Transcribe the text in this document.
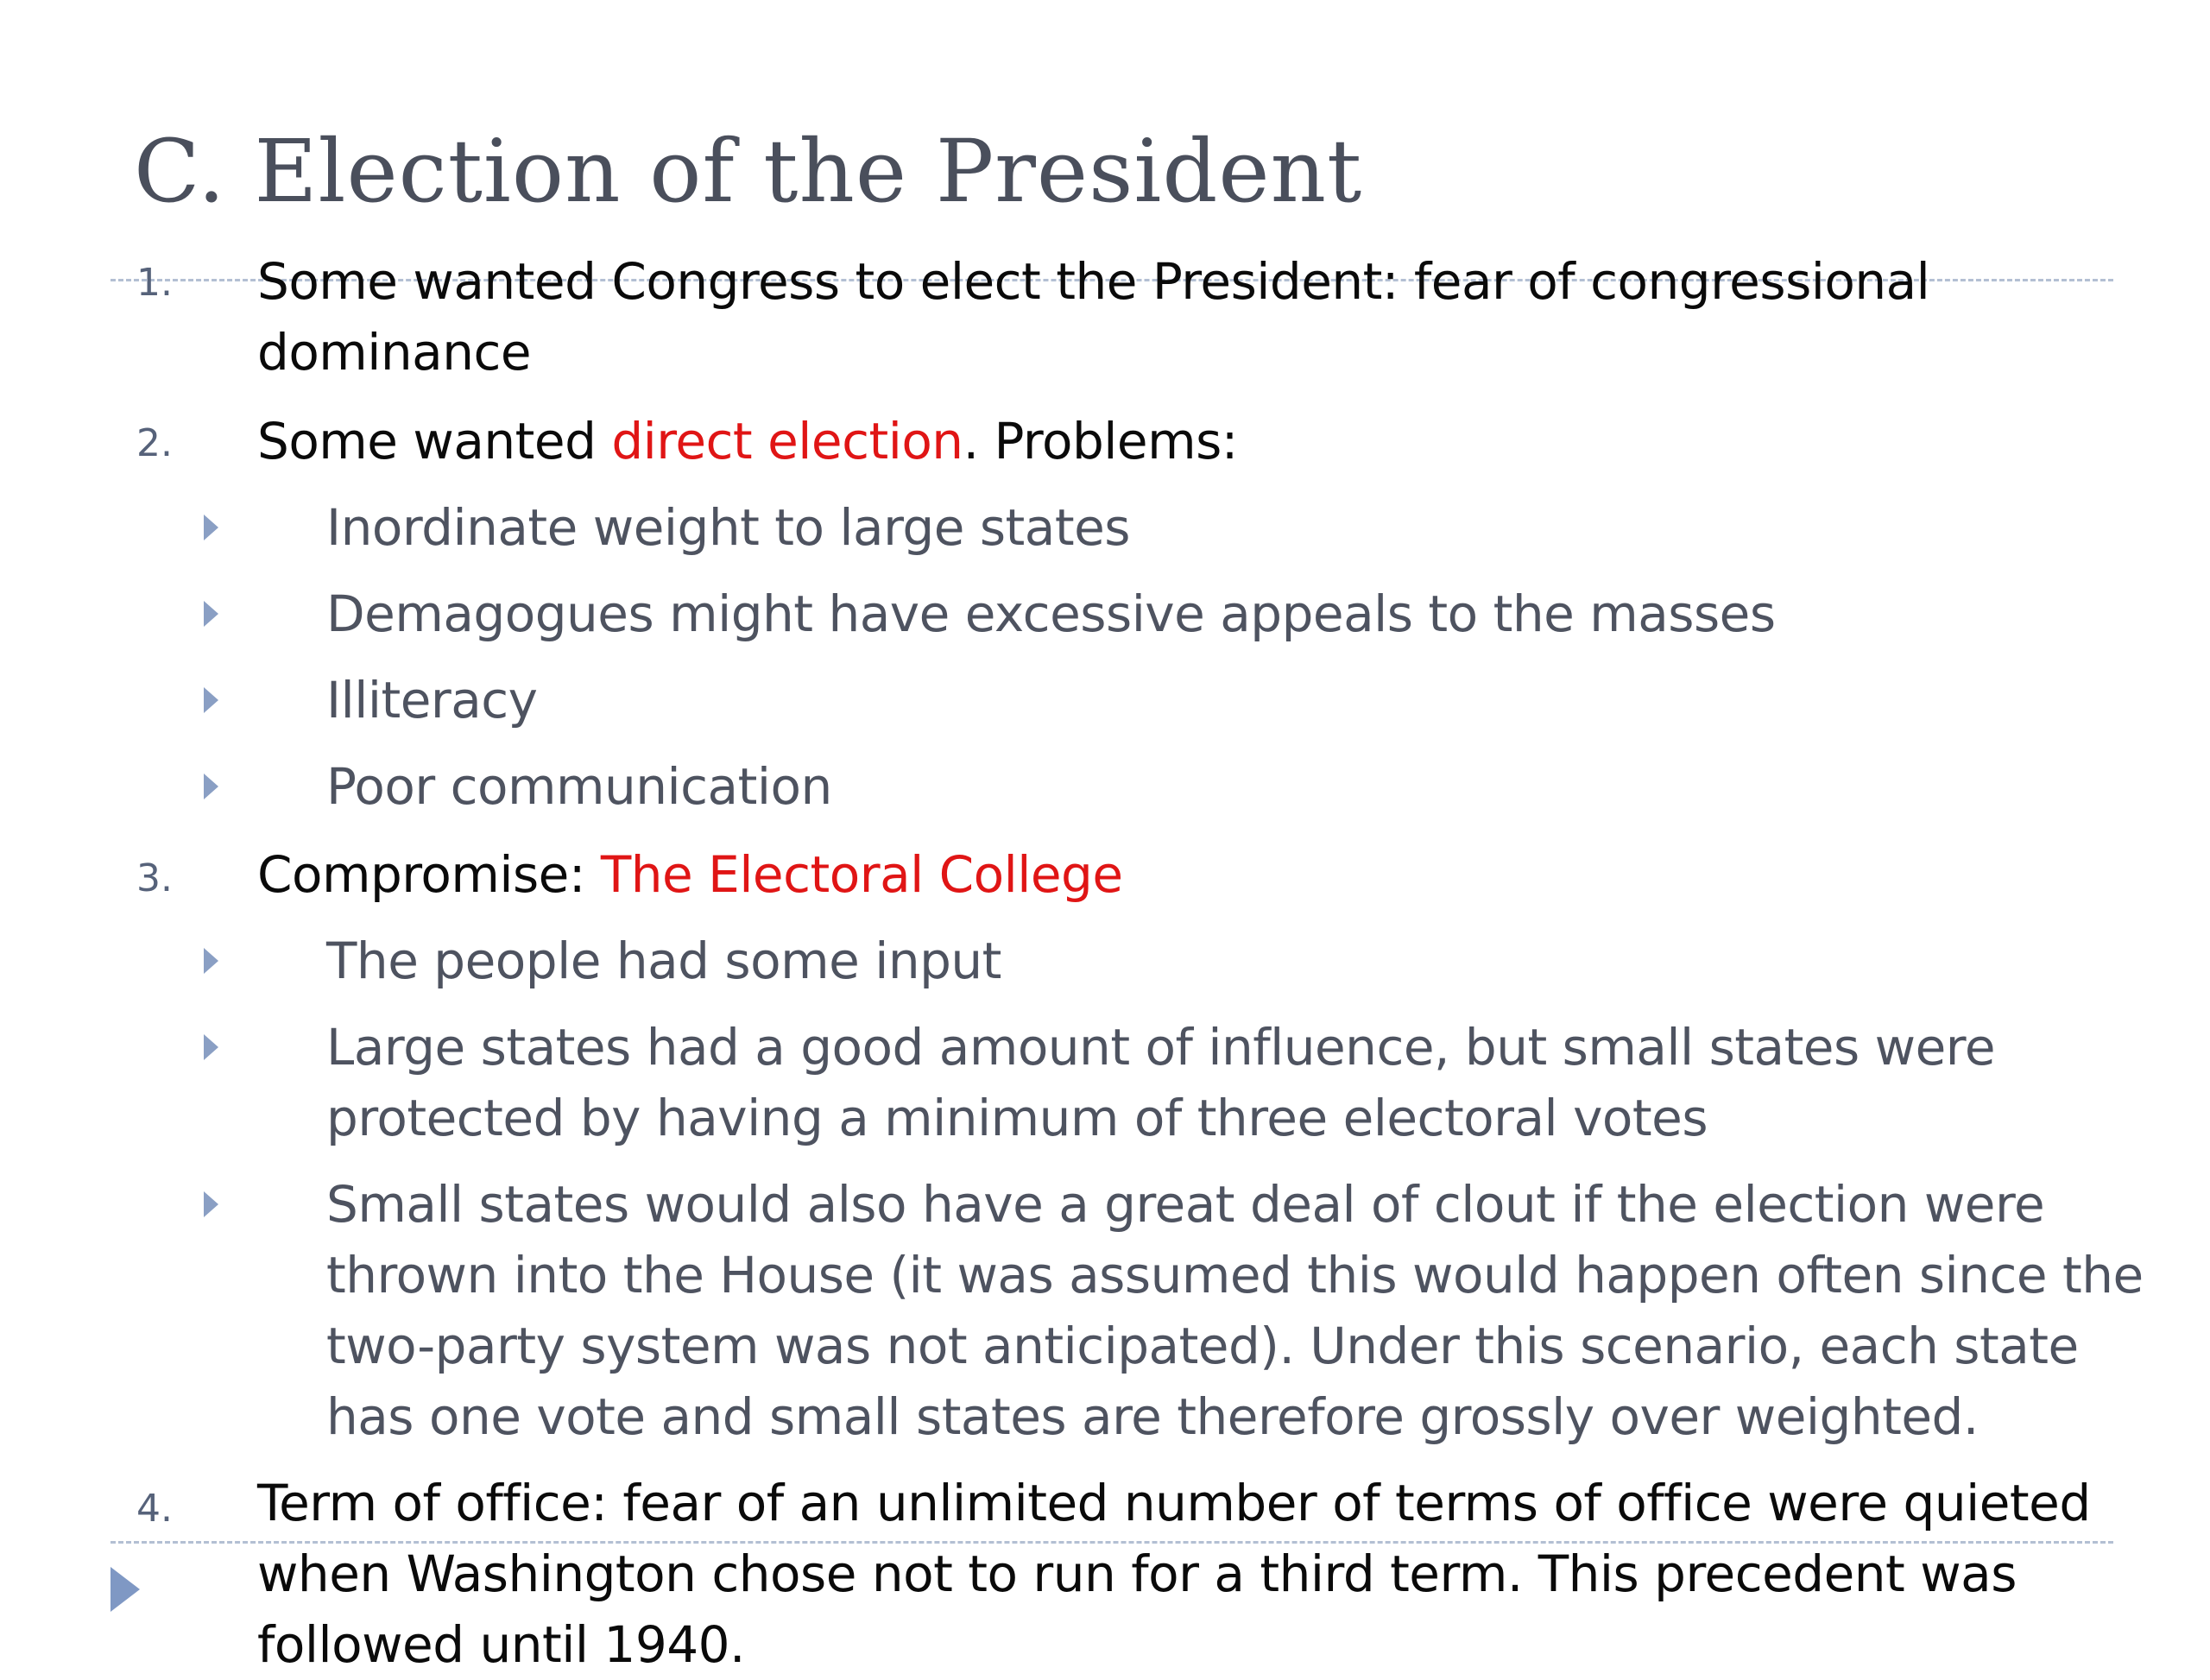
C. Election of the President
1. Some wanted Congress to elect the President: fear of congressional
dominance
2. Some wanted direct election. Problems:
Inordinate weight to large states
Demagogues might have excessive appeals to the masses
Illiteracy
Poor communication
3. Compromise: The Electoral College
The people had some input
Large states had a good amount of influence, but small states were
protected by having a minimum of three electoral votes
Small states would also have a great deal of clout if the election were
thrown into the House (it was assumed this would happen often since the
two-party system was not anticipated). Under this scenario, each state
has one vote and small states are therefore grossly over weighted.
4. Term of office: fear of an unlimited number of terms of office were quieted
when Washington chose not to run for a third term. This precedent was
followed until 1940.
